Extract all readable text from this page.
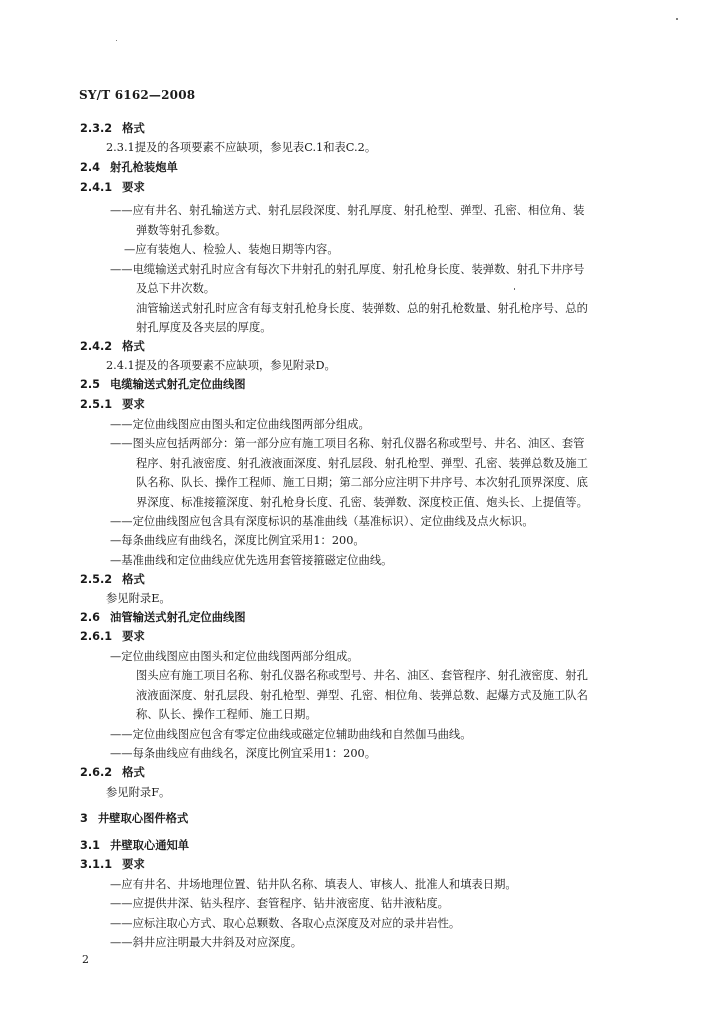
SY/T 6162—2008
2.3.2 格式
2.3.1提及的各项要素不应缺项，参见表C.1和表C.2。
2.4 射孔枪装炮单
2.4.1 要求
——应有井名、射孔输送方式、射孔层段深度、射孔厚度、射孔枪型、弹型、孔密、相位角、装
弹数等射孔参数。
—应有装炮人、检验人、装炮日期等内容。
——电缆输送式射孔时应含有每次下井射孔的射孔厚度、射孔枪身长度、装弹数、射孔下井序号
及总下井次数。
油管输送式射孔时应含有每支射孔枪身长度、装弹数、总的射孔枪数量、射孔枪序号、总的
射孔厚度及各夹层的厚度。
2.4.2 格式
2.4.1提及的各项要素不应缺项，参见附录D。
2.5 电缆输送式射孔定位曲线图
2.5.1 要求
——定位曲线图应由图头和定位曲线图两部分组成。
——图头应包括两部分：第一部分应有施工项目名称、射孔仪器名称或型号、井名、油区、套管
程序、射孔液密度、射孔液液面深度、射孔层段、射孔枪型、弹型、孔密、装弹总数及施工
队名称、队长、操作工程师、施工日期；第二部分应注明下井序号、本次射孔顶界深度、底
界深度、标准接箍深度、射孔枪身长度、孔密、装弹数、深度校正值、炮头长、上提值等。
——定位曲线图应包含具有深度标识的基准曲线（基准标识）、定位曲线及点火标识。
—每条曲线应有曲线名，深度比例宜采用1：200。
—基准曲线和定位曲线应优先选用套管接箍磁定位曲线。
2.5.2 格式
参见附录E。
2.6 油管输送式射孔定位曲线图
2.6.1 要求
—定位曲线图应由图头和定位曲线图两部分组成。
图头应有施工项目名称、射孔仪器名称或型号、井名、油区、套管程序、射孔液密度、射孔
液液面深度、射孔层段、射孔枪型、弹型、孔密、相位角、装弹总数、起爆方式及施工队名
称、队长、操作工程师、施工日期。
——定位曲线图应包含有零定位曲线或磁定位辅助曲线和自然伽马曲线。
——每条曲线应有曲线名，深度比例宜采用1：200。
2.6.2 格式
参见附录F。
3 井壁取心图件格式
3.1 井壁取心通知单
3.1.1 要求
—应有井名、井场地理位置、钻井队名称、填表人、审核人、批准人和填表日期。
——应提供井深、钻头程序、套管程序、钻井液密度、钻井液粘度。
——应标注取心方式、取心总颗数、各取心点深度及对应的录井岩性。
——斜井应注明最大井斜及对应深度。
2
